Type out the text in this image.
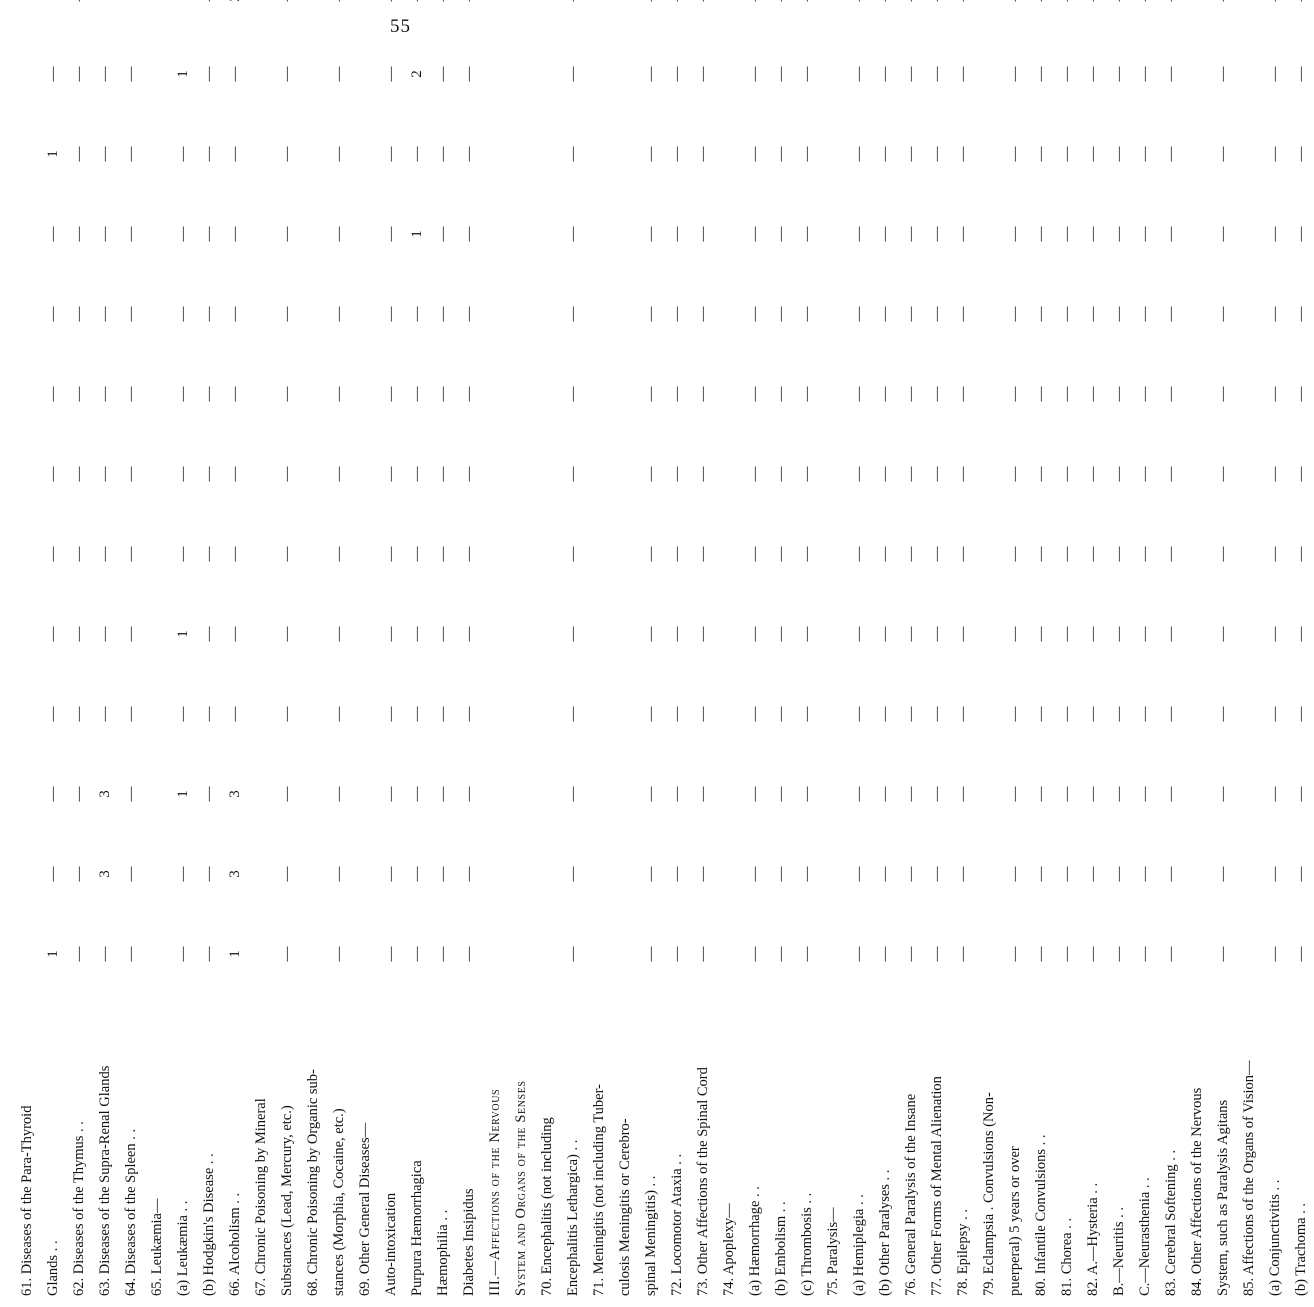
55
61. Diseases of the Para-Thyroid													
Glands . .	1	—	—	—	—	—	—	—	—	—	1	—	
62. Diseases of the Thymus . .	—	—	—	—	—	—	—	—	—	—	—	—	
63. Diseases of the Supra-Renal Glands	—	3	3	—	—	—	—	—	—	—	—	—	
64. Diseases of the Spleen . .	—	—	—	—	—	—	—	—	—	—	—	—	
65. Leukæmia—													
(a) Leukæmia . .	—	—	1	—	1	—	—	—	—	—	—	1	
(b) Hodgkin's Disease . .	—	—	—	—	—	—	—	—	—	—	—	—	
66. Alcoholism . .	1	3	3	—	—	—	—	—	—	—	—	—	
67. Chronic Poisoning by Mineral													
Substances (Lead, Mercury, etc.)	—	—	—	—	—	—	—	—	—	—	—	—	
68. Chronic Poisoning by Organic sub-													
stances (Morphia, Cocaine, etc.)	—	—	—	—	—	—	—	—	—	—	—	—	
69. Other General Diseases—													
Auto-intoxication	—	—	—	—	—	—	—	—	—	—	—	—	
Purpura Hæmorrhagica	—	—	—	—	—	—	—	—	—	1	—	2	
Hæmophilia . .	—	—	—	—	—	—	—	—	—	—	—	—	
Diabetes Insipidus	—	—	—	—	—	—	—	—	—	—	—	—	
III.—Affections of the Nervous													
System and Organs of the Senses													
70. Encephalitis (not including													
Encephalitis Lethargica) . .	—	—	—	—	—	—	—	—	—	—	—	—	
71. Meningitis (not including Tuber-													
culosis Meningitis or Cerebro-													
spinal Meningitis) . .	—	—	—	—	—	—	—	—	—	—	—	—	
72. Locomotor Ataxia . .	—	—	—	—	—	—	—	—	—	—	—	—	
73. Other Affections of the Spinal Cord	—	—	—	—	—	—	—	—	—	—	—	—	
74. Apoplexy—													
(a) Hæmorrhage . .	—	—	—	—	—	—	—	—	—	—	—	—	
(b) Embolism . .	—	—	—	—	—	—	—	—	—	—	—	—	
(c) Thrombosis . .	—	—	—	—	—	—	—	—	—	—	—	—	
75. Paralysis—													
(a) Hemiplegia . .	—	—	—	—	—	—	—	—	—	—	—	—	
(b) Other Paralyses . .	—	—	—	—	—	—	—	—	—	—	—	—	
76. General Paralysis of the Insane	—	—	—	—	—	—	—	—	—	—	—	—	
77. Other Forms of Mental Alienation	—	—	—	—	—	—	—	—	—	—	—	—	
78. Epilepsy . .	—	—	—	—	—	—	—	—	—	—	—	—	
79. Eclampsia . Convulsions (Non-													
puerperal) 5 years or over	—	—	—	—	—	—	—	—	—	—	—	—	
80. Infantile Convulsions . .	—	—	—	—	—	—	—	—	—	—	—	—	
81. Chorea . .	—	—	—	—	—	—	—	—	—	—	—	—	
82. A.—Hysteria . .	—	—	—	—	—	—	—	—	—	—	—	—	
B.—Neuritis . .	—	—	—	—	—	—	—	—	—	—	—	—	
C.—Neurasthenia . .	—	—	—	—	—	—	—	—	—	—	—	—	
83. Cerebral Softening . .	—	—	—	—	—	—	—	—	—	—	—	—	
84. Other Affections of the Nervous													
System, such as Paralysis Agitans	—	—	—	—	—	—	—	—	—	—	—	—	
85. Affections of the Organs of Vision—													
(a) Conjunctivitis . .	—	—	—	—	—	—	—	—	—	—	—	—	
(b) Trachoma . .	—	—	—	—	—	—	—	—	—	—	—	—	
